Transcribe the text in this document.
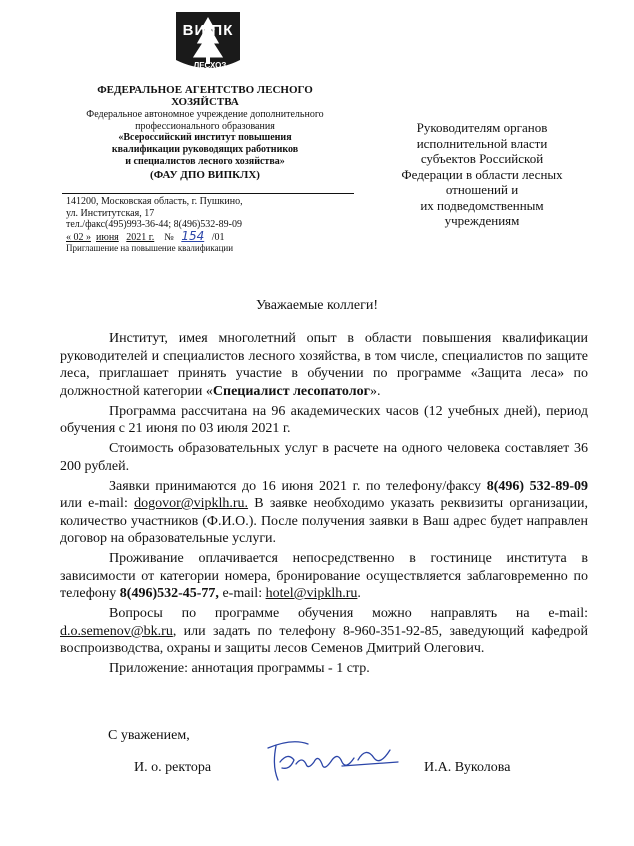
ВИ ПК
ЛЕСХОЗ
ФЕДЕРАЛЬНОЕ АГЕНТСТВО ЛЕСНОГО
ХОЗЯЙСТВА
Федеральное автономное учреждение дополнительного
профессионального образования
«Всероссийский институт повышения
квалификации руководящих работников
и специалистов лесного хозяйства»
(ФАУ ДПО ВИПКЛХ)
141200, Московская область, г. Пушкино,
ул. Институтская, 17
тел./факс(495)993-36-44; 8(496)532-89-09
« 02 » июня 2021 г. № 154 /01
Приглашение на повышение квалификации
Руководителям органов
исполнительной власти
субъектов Российской
Федерации в области лесных
отношений и
их подведомственным
учреждениям
Уважаемые коллеги!

Институт, имея многолетний опыт в области повышения квалификации руководителей и специалистов лесного хозяйства, в том числе, специалистов по защите леса, приглашает принять участие в обучении по программе «Защита леса» по должностной категории «Специалист лесопатолог».

Программа рассчитана на 96 академических часов (12 учебных дней), период обучения с 21 июня по 03 июля 2021 г.

Стоимость образовательных услуг в расчете на одного человека составляет 36 200 рублей.

Заявки принимаются до 16 июня 2021 г. по телефону/факсу 8(496) 532-89-09 или e-mail: dogovor@vipklh.ru. В заявке необходимо указать реквизиты организации, количество участников (Ф.И.О.). После получения заявки в Ваш адрес будет направлен договор на образовательные услуги.

Проживание оплачивается непосредственно в гостинице института в зависимости от категории номера, бронирование осуществляется заблаговременно по телефону 8(496)532-45-77, e-mail: hotel@vipklh.ru.

Вопросы по программе обучения можно направлять на e-mail: d.o.semenov@bk.ru, или задать по телефону 8-960-351-92-85, заведующий кафедрой воспроизводства, охраны и защиты лесов Семенов Дмитрий Олегович.

Приложение: аннотация программы - 1 стр.

С уважением,
И. о. ректора	И.А. Вуколова
